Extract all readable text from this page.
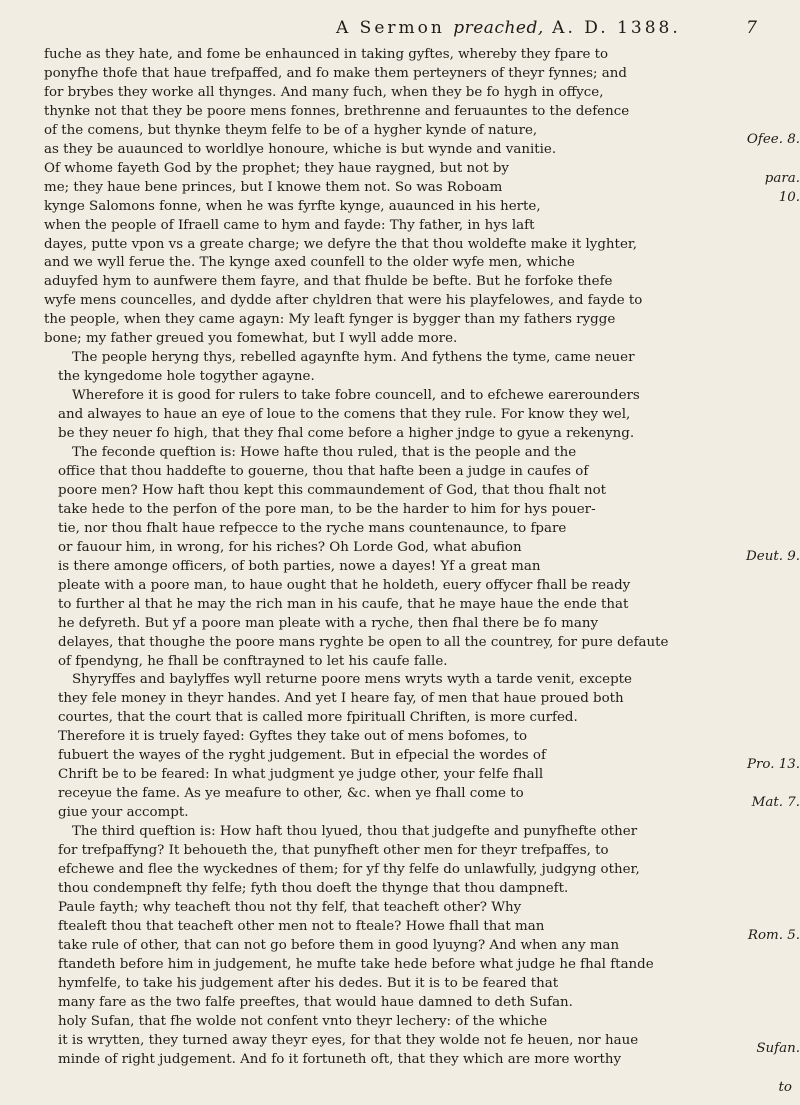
A Sermon preached, A. D. 1388.	7
fuche as they hate, and fome be enhaunced in taking gyftes, whereby they fpare to
ponyfhe thofe that haue trefpaffed, and fo make them perteyners of theyr fynnes; and
for brybes they worke all thynges. And many fuch, when they be fo hygh in offyce,
thynke not that they be poore mens fonnes, brethrenne and feruauntes to the defence
of the comens, but thynke theym felfe to be of a hygher kynde of nature,
as they be auaunced to worldlye honoure, whiche is but wynde and vanitie.
Of whome fayeth God by the prophet; they haue raygned, but not by
me; they haue bene princes, but I knowe them not. So was Roboam
kynge Salomons fonne, when he was fyrfte kynge, auaunced in his herte,
when the people of Ifraell came to hym and fayde: Thy father, in hys laft
dayes, putte vpon vs a greate charge; we defyre the that thou woldefte make it lyghter,
and we wyll ferue the. The kynge axed counfell to the older wyfe men, whiche
aduyfed hym to aunfwere them fayre, and that fhulde be befte. But he forfoke thefe
wyfe mens councelles, and dydde after chyldren that were his playfelowes, and fayde to
the people, when they came agayn: My leaft fynger is bygger than my fathers rygge
bone; my father greued you fomewhat, but I wyll adde more.
The people heryng thys, rebelled agaynfte hym. And fythens the tyme, came neuer
the kyngedome hole togyther agayne.
Wherefore it is good for rulers to take fobre councell, and to efchewe earerounders
and alwayes to haue an eye of loue to the comens that they rule. For know they wel,
be they neuer fo high, that they fhal come before a higher jndge to gyue a rekenyng.
The feconde queftion is: Howe hafte thou ruled, that is the people and the
office that thou haddefte to gouerne, thou that hafte been a judge in caufes of
poore men? How haft thou kept this commaundement of God, that thou fhalt not
take hede to the perfon of the pore man, to be the harder to him for hys pouer-
tie, nor thou fhalt haue refpecce to the ryche mans countenaunce, to fpare
or fauour him, in wrong, for his riches? Oh Lorde God, what abufion
is there amonge officers, of both parties, nowe a dayes! Yf a great man
pleate with a poore man, to haue ought that he holdeth, euery offycer fhall be ready
to further al that he may the rich man in his caufe, that he maye haue the ende that
he defyreth. But yf a poore man pleate with a ryche, then fhal there be fo many
delayes, that thoughe the poore mans ryghte be open to all the countrey, for pure defaute
of fpendyng, he fhall be conftrayned to let his caufe falle.
Shyryffes and baylyffes wyll returne poore mens wryts wyth a tarde venit, excepte
they fele money in theyr handes. And yet I heare fay, of men that haue proued both
courtes, that the court that is called more fpirituall Chriften, is more curfed.
Therefore it is truely fayed: Gyftes they take out of mens bofomes, to
fubuert the wayes of the ryght judgement. But in efpecial the wordes of
Chrift be to be feared: In what judgment ye judge other, your felfe fhall
receyue the fame. As ye meafure to other, &c. when ye fhall come to
giue your accompt.
The third queftion is: How haft thou lyued, thou that judgefte and punyfhefte other
for trefpaffyng? It behoueth the, that punyfheft other men for theyr trefpaffes, to
efchewe and flee the wyckednes of them; for yf thy felfe do unlawfully, judgyng other,
thou condempneft thy felfe; fyth thou doeft the thynge that thou dampneft.
Paule fayth; why teacheft thou not thy felf, that teacheft other? Why
ftealeft thou that teacheft other men not to fteale? Howe fhall that man
take rule of other, that can not go before them in good lyuyng? And when any man
ftandeth before him in judgement, he mufte take hede before what judge he fhal ftande
hymfelfe, to take his judgement after his dedes. But it is to be feared that
many fare as the two falfe preeftes, that would haue damned to deth Sufan.
holy Sufan, that fhe wolde not confent vnto theyr lechery: of the whiche
it is wrytten, they turned away theyr eyes, for that they wolde not fe heuen, nor haue
minde of right judgement. And fo it fortuneth oft, that they which are more worthy
Ofee. 8.
para.
10.
Deut. 9.
Pro. 13.
Mat. 7.
Rom. 5.
Sufan.
to
